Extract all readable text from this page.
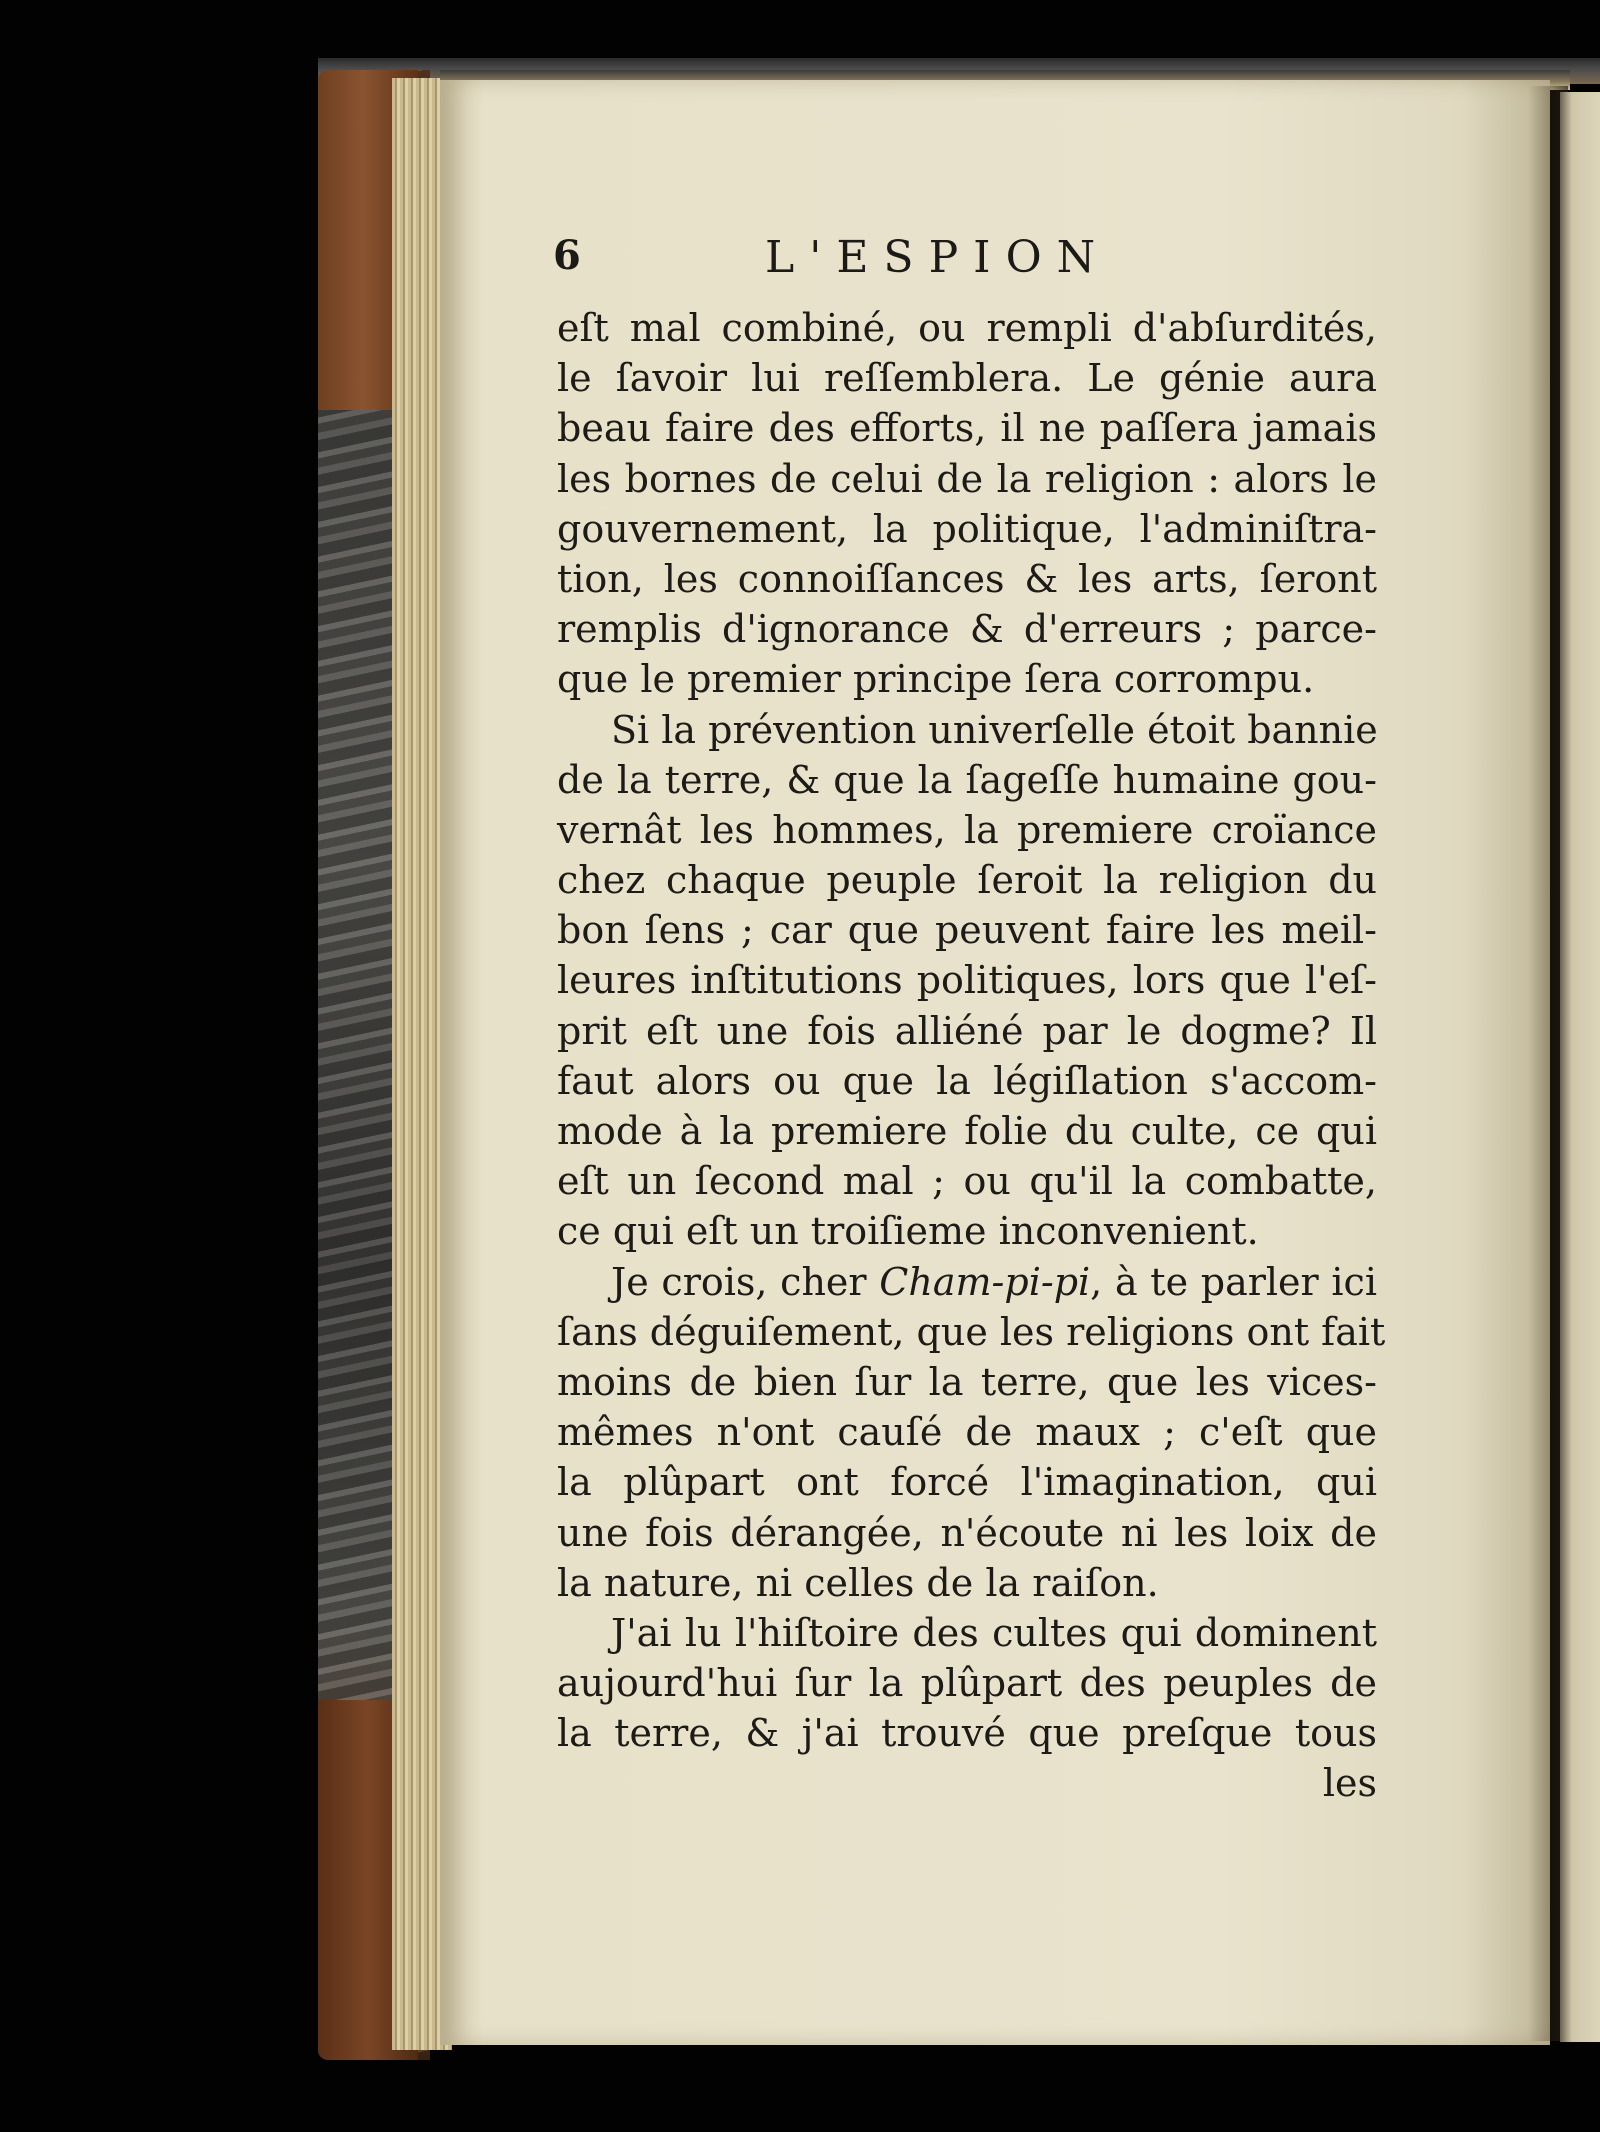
6	L'ESPION
eſt mal combiné, ou rempli d'abſurdités,
le ſavoir lui reſſemblera. Le génie aura
beau faire des efforts, il ne paſſera jamais
les bornes de celui de la religion : alors le
gouvernement, la politique, l'adminiſtra-
tion, les connoiſſances & les arts, ſeront
remplis d'ignorance & d'erreurs ; parce-
que le premier principe ſera corrompu.
Si la prévention univerſelle étoit bannie
de la terre, & que la ſageſſe humaine gou-
vernât les hommes, la premiere croïance
chez chaque peuple ſeroit la religion du
bon ſens ; car que peuvent faire les meil-
leures inſtitutions politiques, lors que l'eſ-
prit eſt une fois alliéné par le dogme? Il
faut alors ou que la légiſlation s'accom-
mode à la premiere folie du culte, ce qui
eſt un ſecond mal ; ou qu'il la combatte,
ce qui eſt un troiſieme inconvenient.
Je crois, cher Cham-pi-pi, à te parler ici
ſans déguiſement, que les religions ont fait
moins de bien ſur la terre, que les vices-
mêmes n'ont cauſé de maux ; c'eſt que
la plûpart ont forcé l'imagination, qui
une fois dérangée, n'écoute ni les loix de
la nature, ni celles de la raiſon.
J'ai lu l'hiſtoire des cultes qui dominent
aujourd'hui ſur la plûpart des peuples de
la terre, & j'ai trouvé que preſque tous
les
